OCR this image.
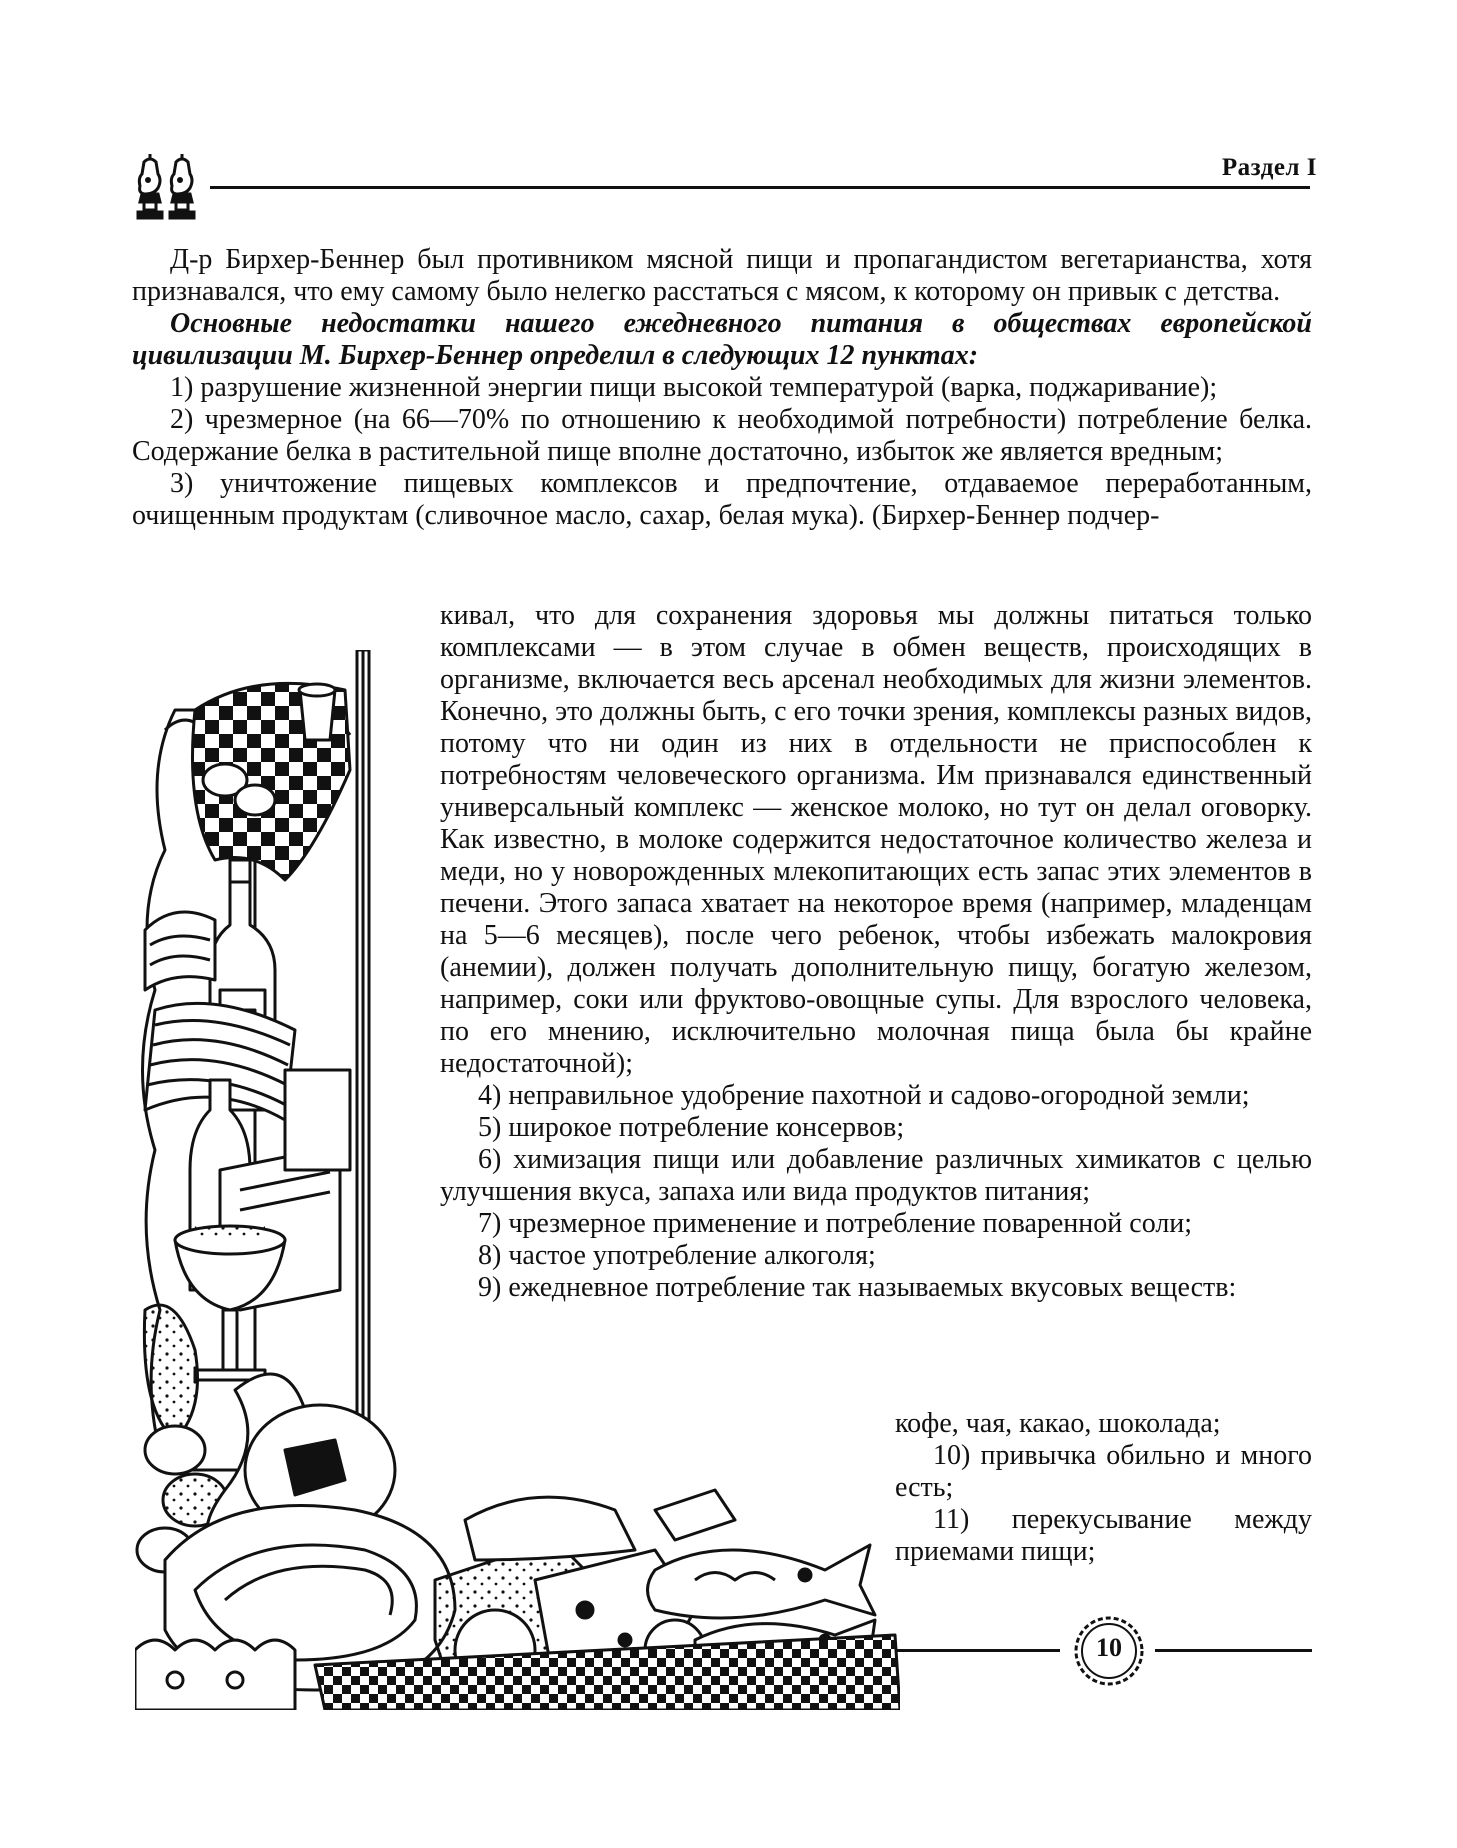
Раздел I

Д-р Бирхер-Беннер был противником мясной пищи и пропагандистом вегетарианства, хотя признавался, что ему самому было нелегко расстаться с мясом, к которому он привык с детства.

Основные недостатки нашего ежедневного питания в обществах европейской цивилизации М. Бирхер-Беннер определил в следующих 12 пунктах:

1) разрушение жизненной энергии пищи высокой температурой (варка, поджаривание);

2) чрезмерное (на 66—70% по отношению к необходимой потребности) потребление белка. Содержание белка в растительной пище вполне достаточно, избыток же является вредным;

3) уничтожение пищевых комплексов и предпочтение, отдаваемое переработанным, очищенным продуктам (сливочное масло, сахар, белая мука). (Бирхер-Беннер подчер-

кивал, что для сохранения здоровья мы должны питаться только комплексами — в этом случае в обмен веществ, происходящих в организме, включается весь арсенал необходимых для жизни элементов. Конечно, это должны быть, с его точки зрения, комплексы разных видов, потому что ни один из них в отдельности не приспособлен к потребностям человеческого организма. Им признавался единственный универсальный комплекс — женское молоко, но тут он делал оговорку. Как известно, в молоке содержится недостаточное количество железа и меди, но у новорожденных млекопитающих есть запас этих элементов в печени. Этого запаса хватает на некоторое время (например, младенцам на 5—6 месяцев), после чего ребенок, чтобы избежать малокровия (анемии), должен получать дополнительную пищу, богатую железом, например, соки или фруктово-овощные супы. Для взрослого человека, по его мнению, исключительно молочная пища была бы крайне недостаточной);

4) неправильное удобрение пахотной и садово-огородной земли;

5) широкое потребление консервов;

6) химизация пищи или добавление различных химикатов с целью улучшения вкуса, запаха или вида продуктов питания;

7) чрезмерное применение и потребление поваренной соли;

8) частое употребление алкоголя;

9) ежедневное потребление так называемых вкусовых веществ:

кофе, чая, какао, шоколада;

10) привычка обильно и много есть;

11) перекусывание между приемами пищи;

10
